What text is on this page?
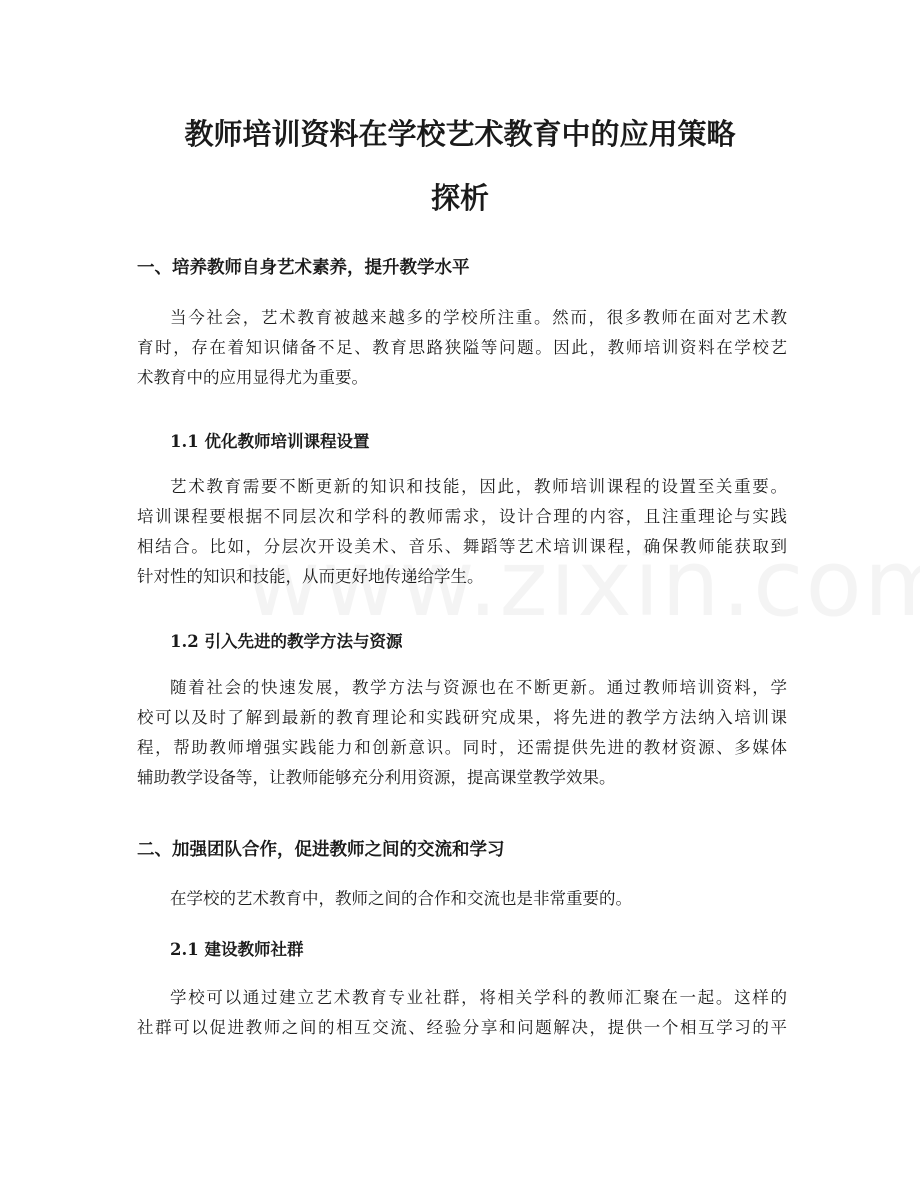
教师培训资料在学校艺术教育中的应用策略
探析
一、培养教师自身艺术素养，提升教学水平
当今社会，艺术教育被越来越多的学校所注重。然而，很多教师在面对艺术教
育时，存在着知识储备不足、教育思路狭隘等问题。因此，教师培训资料在学校艺
术教育中的应用显得尤为重要。
1.1 优化教师培训课程设置
艺术教育需要不断更新的知识和技能，因此，教师培训课程的设置至关重要。
培训课程要根据不同层次和学科的教师需求，设计合理的内容，且注重理论与实践
相结合。比如，分层次开设美术、音乐、舞蹈等艺术培训课程，确保教师能获取到
针对性的知识和技能，从而更好地传递给学生。
1.2 引入先进的教学方法与资源
随着社会的快速发展，教学方法与资源也在不断更新。通过教师培训资料，学
校可以及时了解到最新的教育理论和实践研究成果，将先进的教学方法纳入培训课
程，帮助教师增强实践能力和创新意识。同时，还需提供先进的教材资源、多媒体
辅助教学设备等，让教师能够充分利用资源，提高课堂教学效果。
二、加强团队合作，促进教师之间的交流和学习
在学校的艺术教育中，教师之间的合作和交流也是非常重要的。
2.1 建设教师社群
学校可以通过建立艺术教育专业社群，将相关学科的教师汇聚在一起。这样的
社群可以促进教师之间的相互交流、经验分享和问题解决，提供一个相互学习的平
